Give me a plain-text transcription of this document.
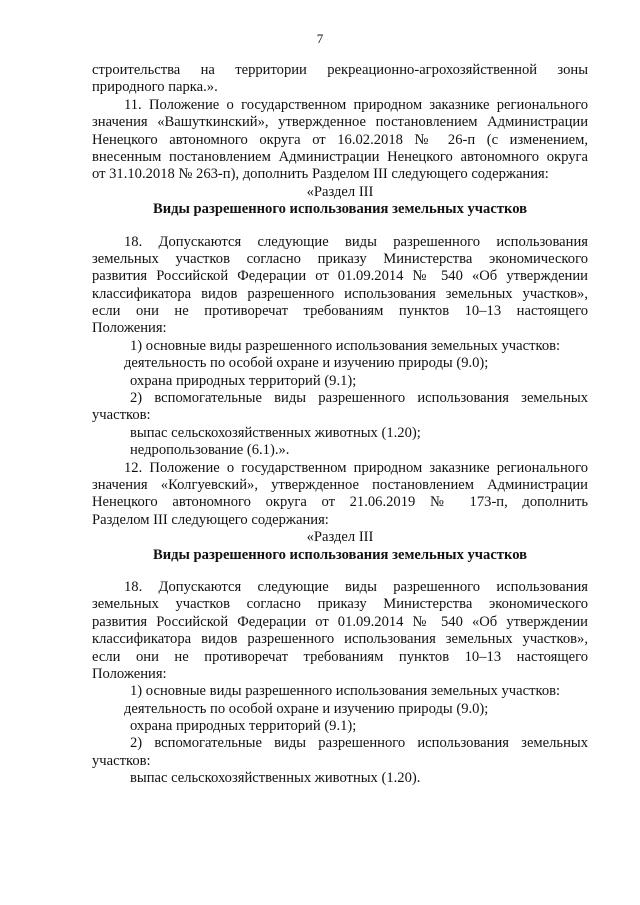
7
строительства на территории рекреационно-агрохозяйственной зоны
природного парка.».
11. Положение о государственном природном заказнике регионального
значения «Вашуткинский», утвержденное постановлением Администрации
Ненецкого автономного округа от 16.02.2018 № 26-п (с изменением,
внесенным постановлением Администрации Ненецкого автономного округа
от 31.10.2018 № 263-п), дополнить Разделом III следующего содержания:
«Раздел III
Виды разрешенного использования земельных участков
18. Допускаются следующие виды разрешенного использования
земельных участков согласно приказу Министерства экономического
развития Российской Федерации от 01.09.2014 № 540 «Об утверждении
классификатора видов разрешенного использования земельных участков»,
если они не противоречат требованиям пунктов 10–13 настоящего
Положения:
1) основные виды разрешенного использования земельных участков:
деятельность по особой охране и изучению природы (9.0);
охрана природных территорий (9.1);
2) вспомогательные виды разрешенного использования земельных
участков:
выпас сельскохозяйственных животных (1.20);
недропользование (6.1).».
12. Положение о государственном природном заказнике регионального
значения «Колгуевский», утвержденное постановлением Администрации
Ненецкого автономного округа от 21.06.2019 № 173-п, дополнить
Разделом III следующего содержания:
«Раздел III
Виды разрешенного использования земельных участков
18. Допускаются следующие виды разрешенного использования
земельных участков согласно приказу Министерства экономического
развития Российской Федерации от 01.09.2014 № 540 «Об утверждении
классификатора видов разрешенного использования земельных участков»,
если они не противоречат требованиям пунктов 10–13 настоящего
Положения:
1) основные виды разрешенного использования земельных участков:
деятельность по особой охране и изучению природы (9.0);
охрана природных территорий (9.1);
2) вспомогательные виды разрешенного использования земельных
участков:
выпас сельскохозяйственных животных (1.20).
